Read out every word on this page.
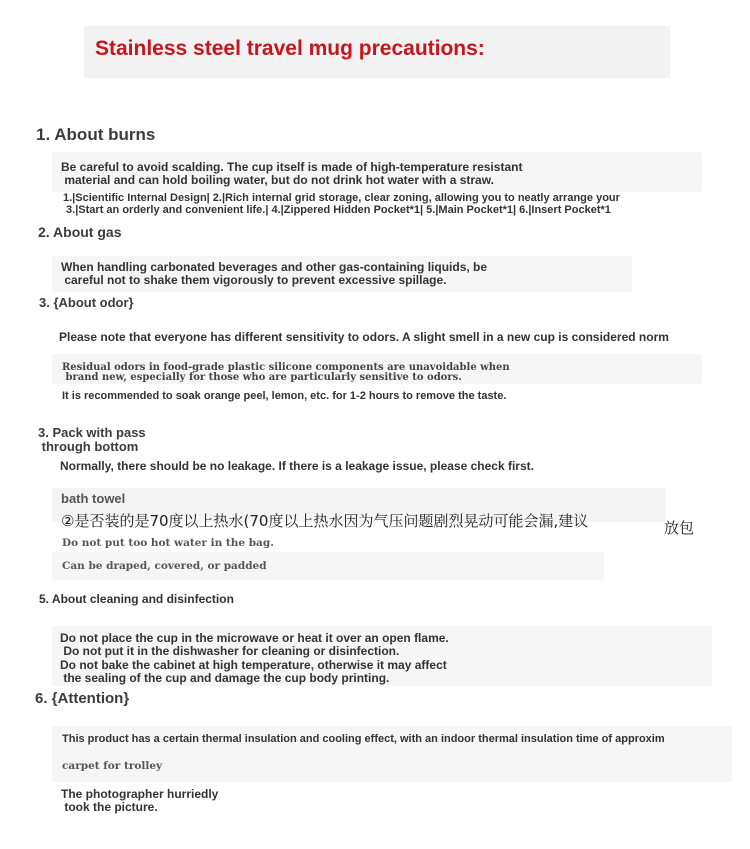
Stainless steel travel mug precautions:
1. About burns
Be careful to avoid scalding. The cup itself is made of high-temperature resistant
material and can hold boiling water, but do not drink hot water with a straw.
1.|Scientific Internal Design| 2.|Rich internal grid storage, clear zoning, allowing you to neatly arrange your
3.|Start an orderly and convenient life.| 4.|Zippered Hidden Pocket*1| 5.|Main Pocket*1| 6.|Insert Pocket*1
2. About gas
When handling carbonated beverages and other gas-containing liquids, be
careful not to shake them vigorously to prevent excessive spillage.
3. {About odor}
Please note that everyone has different sensitivity to odors. A slight smell in a new cup is considered norm
Residual odors in food-grade plastic silicone components are unavoidable when
brand new, especially for those who are particularly sensitive to odors.
It is recommended to soak orange peel, lemon, etc. for 1-2 hours to remove the taste.
3. Pack with pass
through bottom
Normally, there should be no leakage. If there is a leakage issue, please check first.
bath towel
②是否装的是70度以上热水(70度以上热水因为气压问题剧烈晃动可能会漏,建议	放包
Do not put too hot water in the bag.
Can be draped, covered, or padded
5. About cleaning and disinfection
Do not place the cup in the microwave or heat it over an open flame.
Do not put it in the dishwasher for cleaning or disinfection.
Do not bake the cabinet at high temperature, otherwise it may affect
the sealing of the cup and damage the cup body printing.
6. {Attention}
This product has a certain thermal insulation and cooling effect, with an indoor thermal insulation time of approxim
carpet for trolley
The photographer hurriedly
took the picture.
